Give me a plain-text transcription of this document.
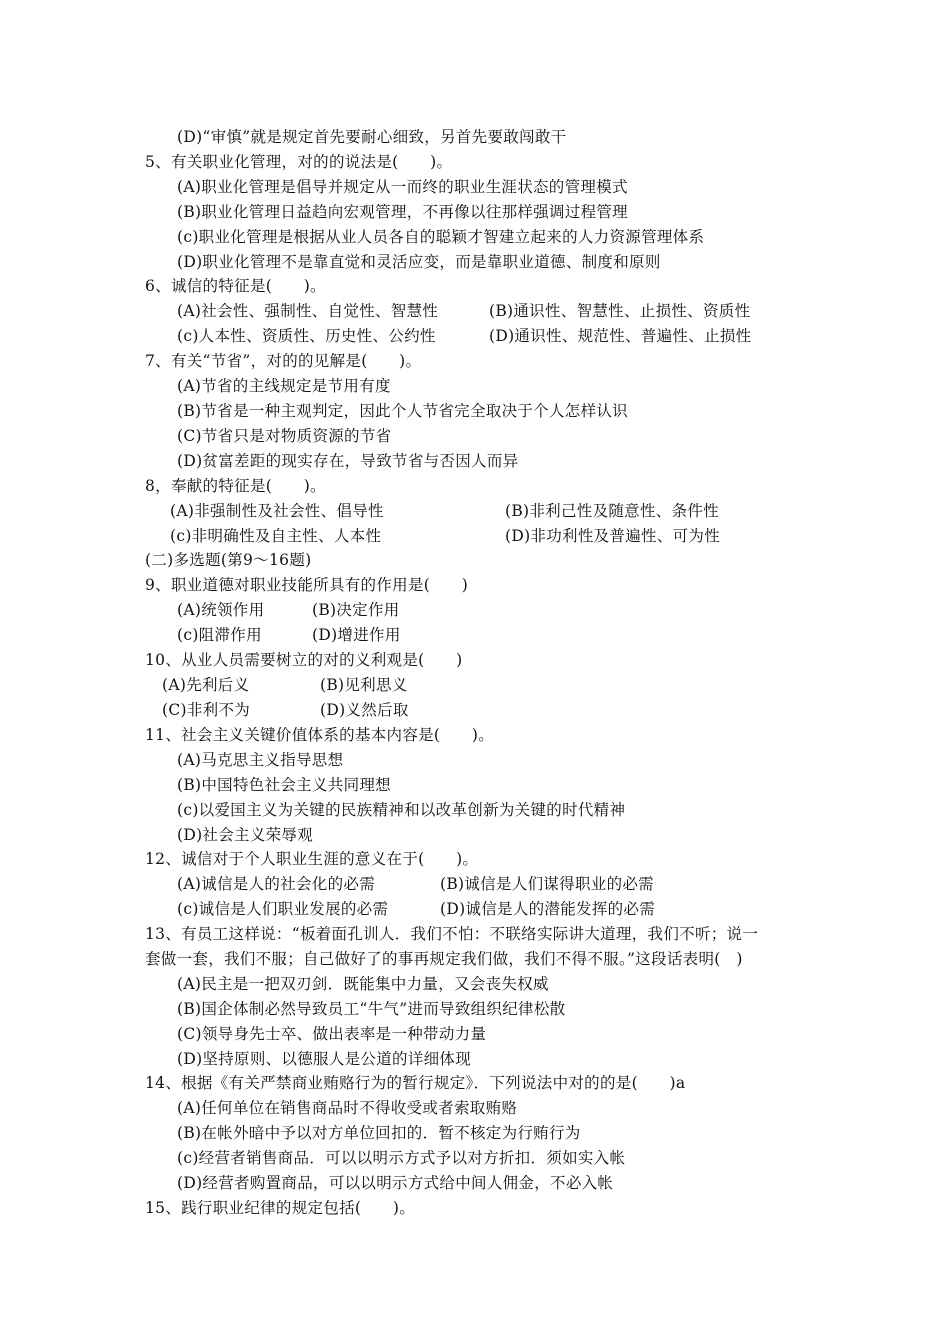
(D)“审慎”就是规定首先要耐心细致，另首先要敢闯敢干
5、有关职业化管理，对的的说法是(　　)。
(A)职业化管理是倡导并规定从一而终的职业生涯状态的管理模式
(B)职业化管理日益趋向宏观管理，不再像以往那样强调过程管理
(c)职业化管理是根据从业人员各自的聪颖才智建立起来的人力资源管理体系
(D)职业化管理不是靠直觉和灵活应变，而是靠职业道德、制度和原则
6、诚信的特征是(　　)。
(A)社会性、强制性、自觉性、智慧性	(B)通识性、智慧性、止损性、资质性
(c)人本性、资质性、历史性、公约性	(D)通识性、规范性、普遍性、止损性
7、有关“节省”，对的的见解是(　　)。
(A)节省的主线规定是节用有度
(B)节省是一种主观判定，因此个人节省完全取决于个人怎样认识
(C)节省只是对物质资源的节省
(D)贫富差距的现实存在，导致节省与否因人而异
8，奉献的特征是(　　)。
(A)非强制性及社会性、倡导性	(B)非利己性及随意性、条件性
(c)非明确性及自主性、人本性	(D)非功利性及普遍性、可为性
(二)多选题(第9～16题)
9、职业道德对职业技能所具有的作用是(　　)
(A)统领作用	(B)决定作用
(c)阻滞作用	(D)增进作用
10、从业人员需要树立的对的义利观是(　　)
(A)先利后义	(B)见利思义
(C)非利不为	(D)义然后取
11、社会主义关键价值体系的基本内容是(　　)。
(A)马克思主义指导思想
(B)中国特色社会主义共同理想
(c)以爱国主义为关键的民族精神和以改革创新为关键的时代精神
(D)社会主义荣辱观
12、诚信对于个人职业生涯的意义在于(　　)。
(A)诚信是人的社会化的必需	(B)诚信是人们谋得职业的必需
(c)诚信是人们职业发展的必需	(D)诚信是人的潜能发挥的必需
13、有员工这样说：“板着面孔训人．我们不怕：不联络实际讲大道理，我们不听；说一
套做一套，我们不服；自己做好了的事再规定我们做，我们不得不服。”这段话表明(　)
(A)民主是一把双刃剑．既能集中力量，又会丧失权威
(B)国企体制必然导致员工“牛气”进而导致组织纪律松散
(C)领导身先士卒、做出表率是一种带动力量
(D)坚持原则、以德服人是公道的详细体现
14、根据《有关严禁商业贿赂行为的暂行规定》．下列说法中对的的是(　　)a
(A)任何单位在销售商品时不得收受或者索取贿赂
(B)在帐外暗中予以对方单位回扣的．暂不核定为行贿行为
(c)经营者销售商品．可以以明示方式予以对方折扣．须如实入帐
(D)经营者购置商品，可以以明示方式给中间人佣金，不必入帐
15、践行职业纪律的规定包括(　　)。
